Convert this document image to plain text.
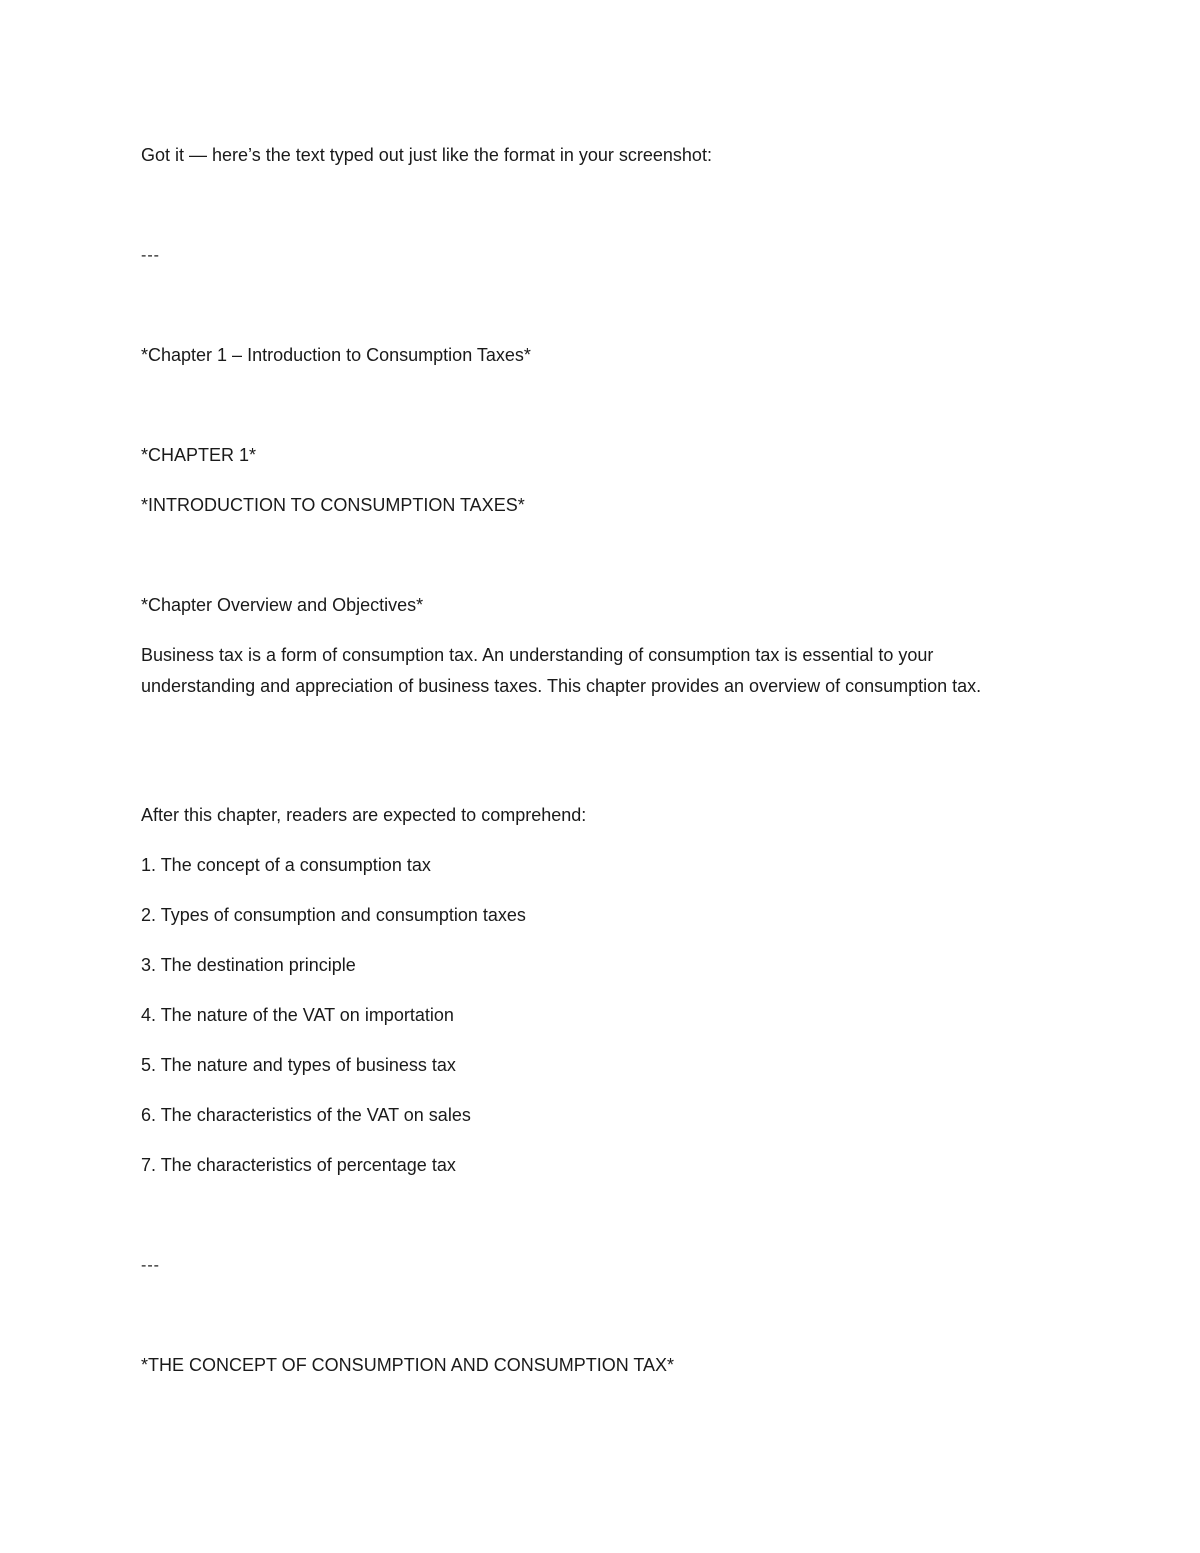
Got it — here’s the text typed out just like the format in your screenshot:

---

*Chapter 1 – Introduction to Consumption Taxes*

*CHAPTER 1*

*INTRODUCTION TO CONSUMPTION TAXES*

*Chapter Overview and Objectives*

Business tax is a form of consumption tax. An understanding of consumption tax is essential to your understanding and appreciation of business taxes. This chapter provides an overview of consumption tax.

After this chapter, readers are expected to comprehend:

1. The concept of a consumption tax

2. Types of consumption and consumption taxes

3. The destination principle

4. The nature of the VAT on importation

5. The nature and types of business tax

6. The characteristics of the VAT on sales

7. The characteristics of percentage tax

---

*THE CONCEPT OF CONSUMPTION AND CONSUMPTION TAX*
